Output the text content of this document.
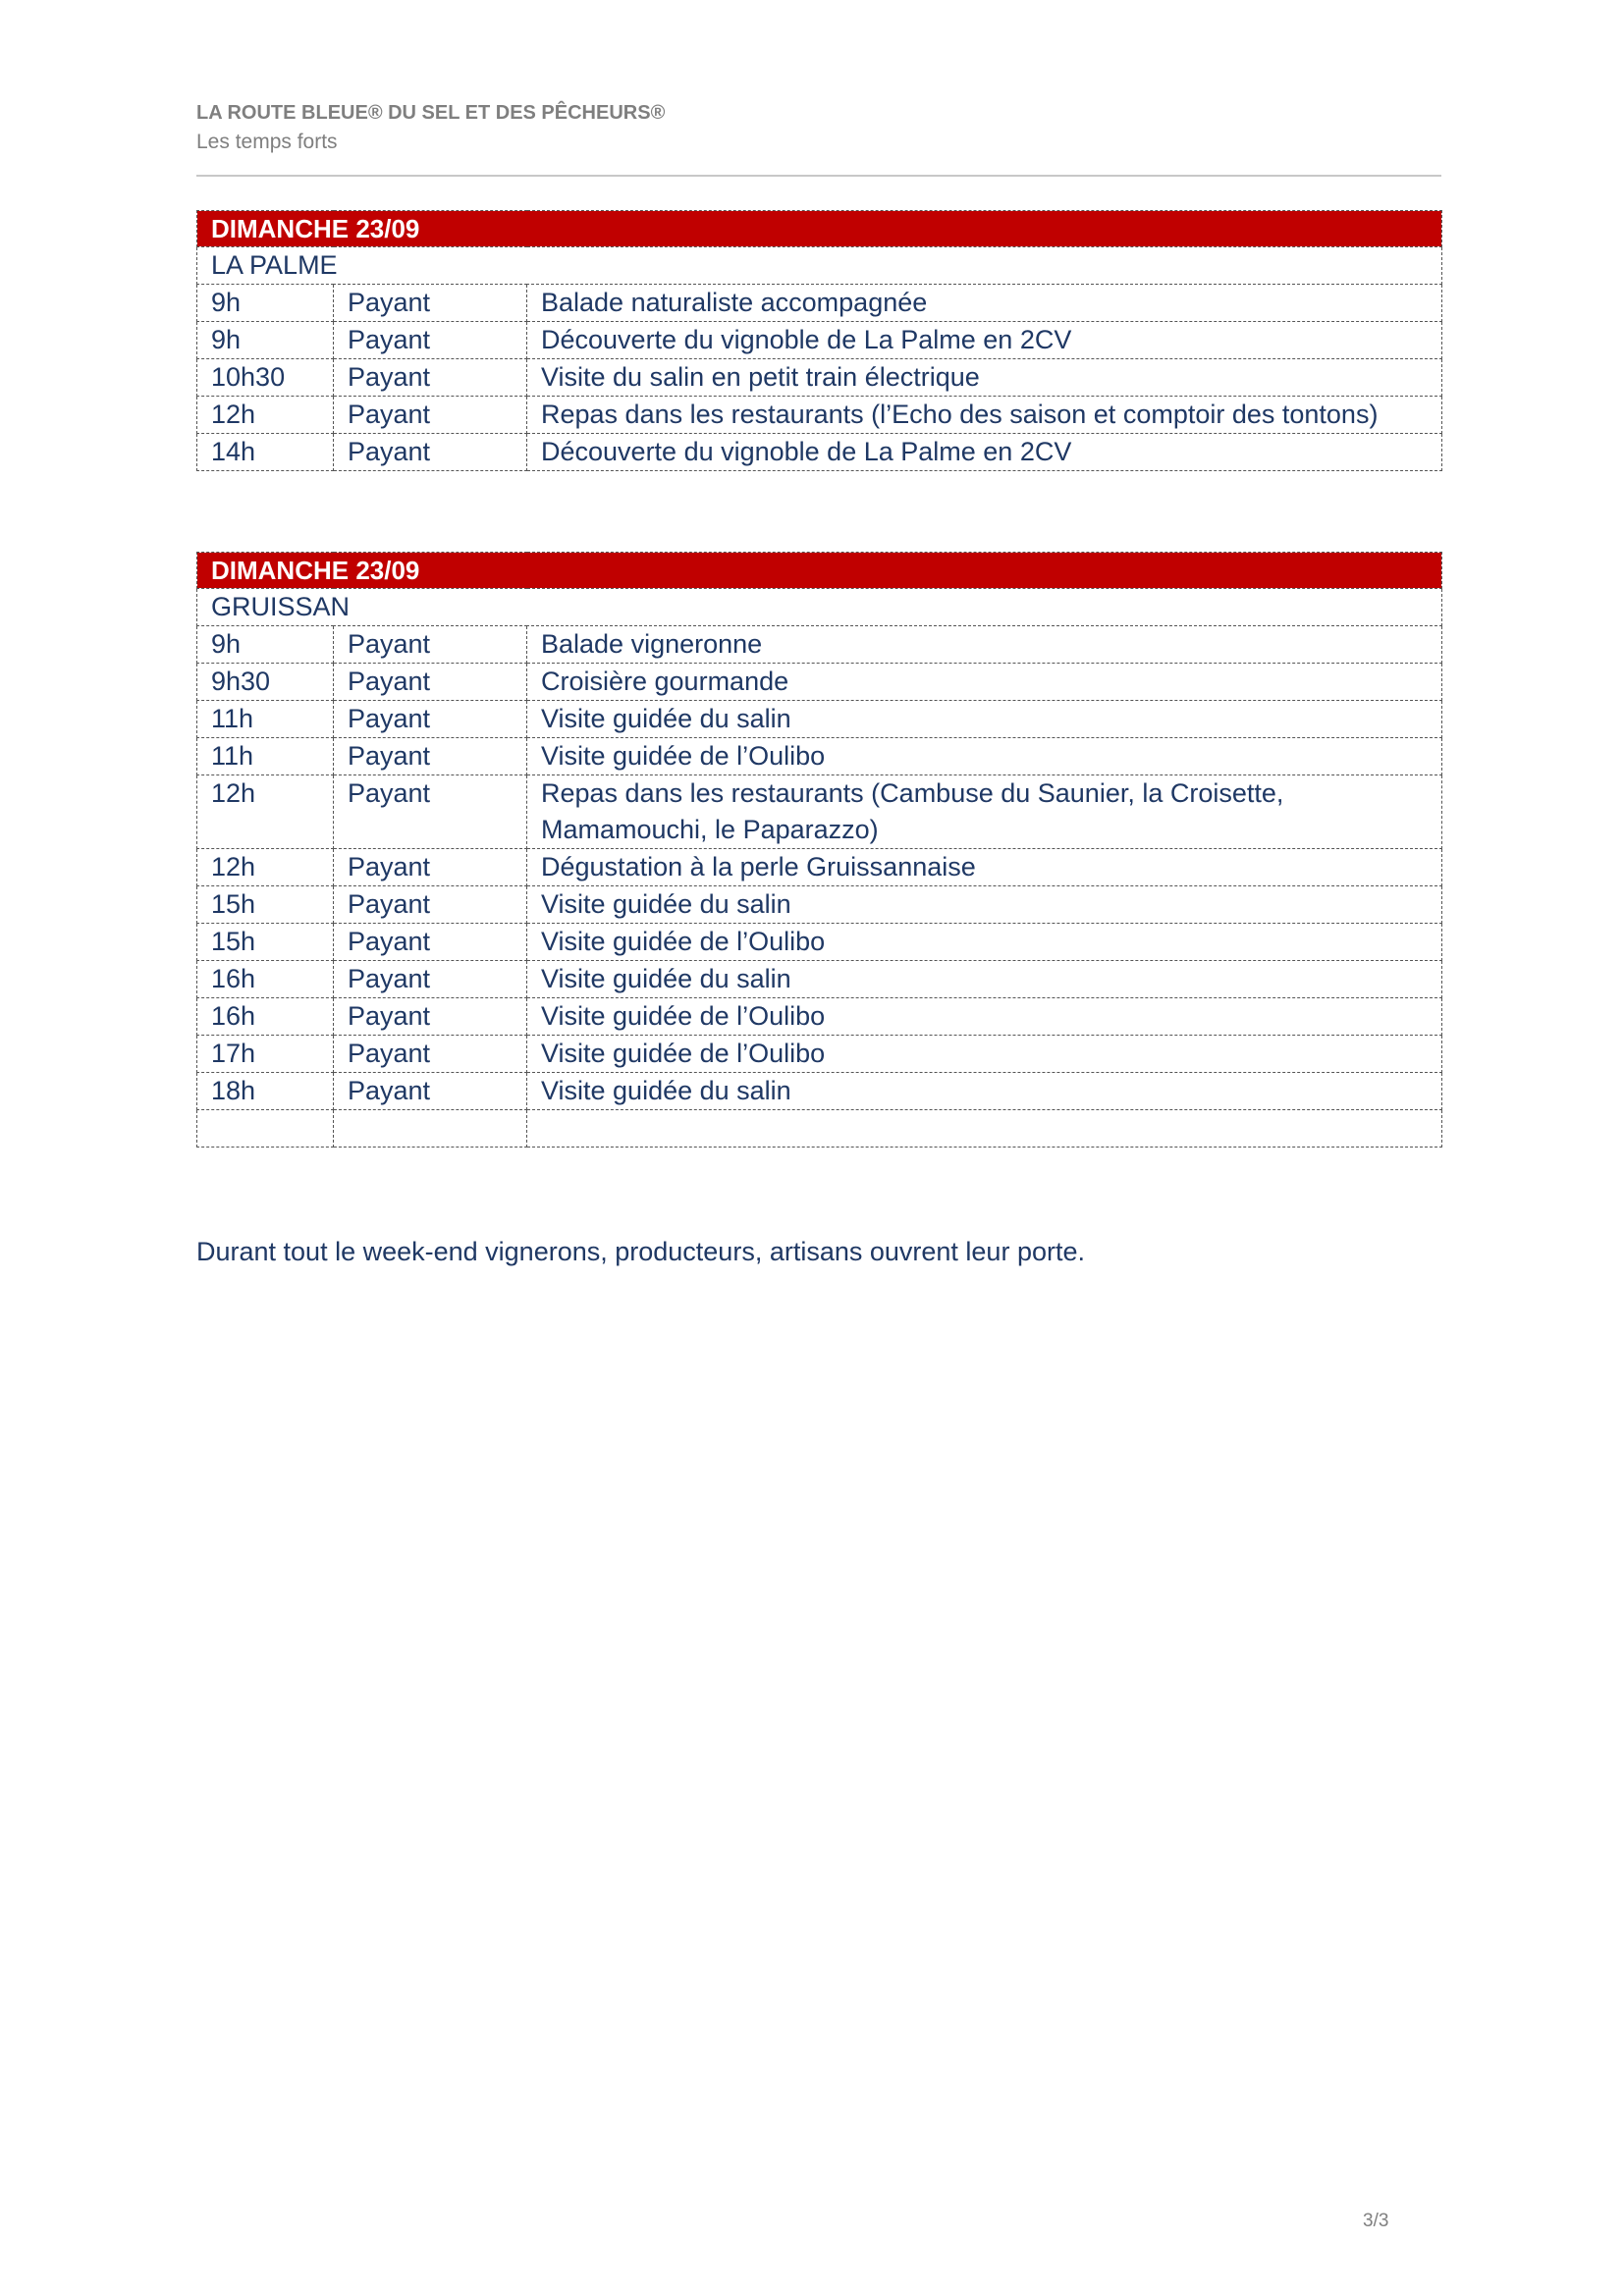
LA ROUTE BLEUE® DU SEL ET DES PÊCHEURS®
Les temps forts
DIMANCHE 23/09		
LA PALME		
9h	Payant	Balade naturaliste accompagnée
9h	Payant	Découverte du vignoble de La Palme en 2CV
10h30	Payant	Visite du salin en petit train électrique
12h	Payant	Repas dans les restaurants (l’Echo des saison et comptoir des tontons)
14h	Payant	Découverte du vignoble de La Palme en 2CV
DIMANCHE 23/09		
GRUISSAN		
9h	Payant	Balade vigneronne
9h30	Payant	Croisière gourmande
11h	Payant	Visite guidée du salin
11h	Payant	Visite guidée de l’Oulibo
12h	Payant	Repas dans les restaurants (Cambuse du Saunier, la Croisette, Mamamouchi, le Paparazzo)
12h	Payant	Dégustation à la perle Gruissannaise
15h	Payant	Visite guidée du salin
15h	Payant	Visite guidée de l’Oulibo
16h	Payant	Visite guidée du salin
16h	Payant	Visite guidée de l’Oulibo
17h	Payant	Visite guidée de l’Oulibo
18h	Payant	Visite guidée du salin

Durant tout le week-end vignerons, producteurs, artisans ouvrent leur porte.
3/3
